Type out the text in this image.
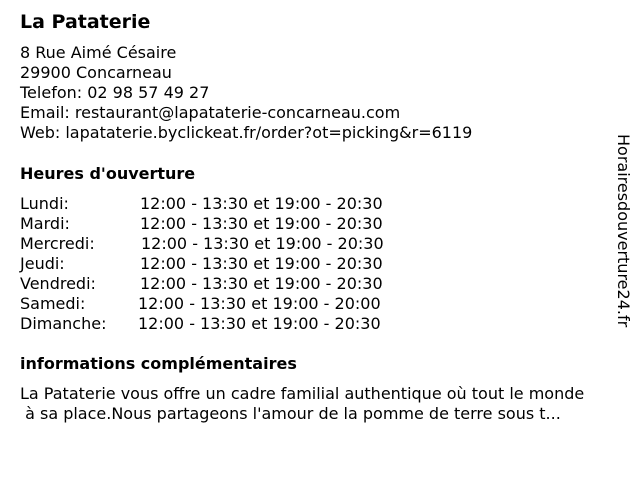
La Pataterie
8 Rue Aimé Césaire
29900 Concarneau
Telefon: 02 98 57 49 27
Email: restaurant@lapataterie-concarneau.com
Web: lapataterie.byclickeat.fr/order?ot=picking&r=6119
Heures d'ouverture
Lundi:	12:00 - 13:30 et 19:00 - 20:30
Mardi:	12:00 - 13:30 et 19:00 - 20:30
Mercredi:	12:00 - 13:30 et 19:00 - 20:30
Jeudi:	12:00 - 13:30 et 19:00 - 20:30
Vendredi:	12:00 - 13:30 et 19:00 - 20:30
Samedi:	12:00 - 13:30 et 19:00 - 20:00
Dimanche: 12:00 - 13:30 et 19:00 - 20:30
informations complémentaires
La Pataterie vous offre un cadre familial authentique où tout le monde
à sa place.Nous partageons l'amour de la pomme de terre sous t...
Horairesdouverture24.fr
